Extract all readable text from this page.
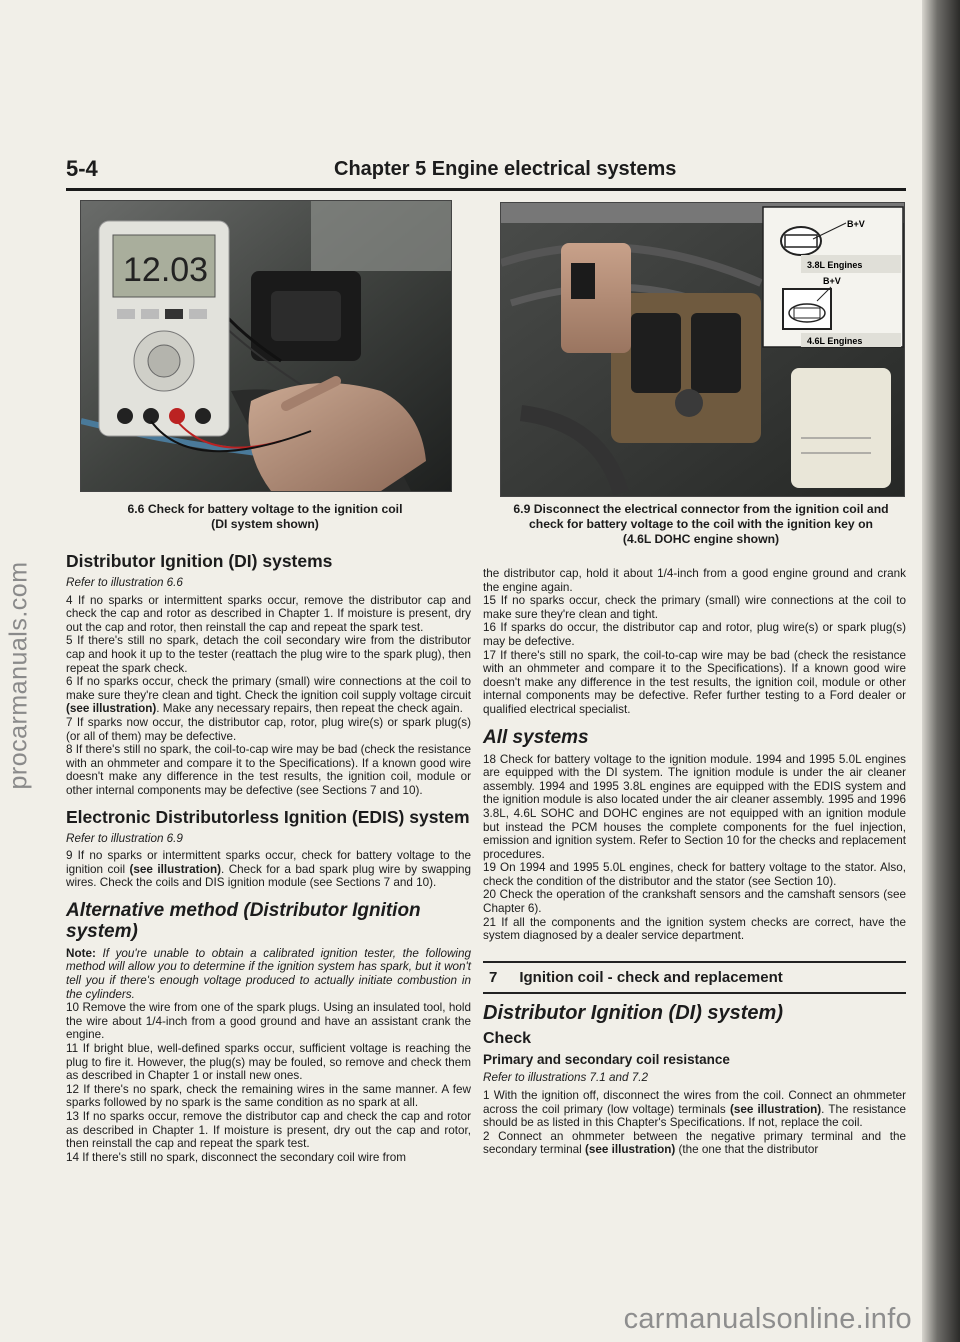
procarmanuals.com
5-4	Chapter 5 Engine electrical systems
12.03
B+V
3.8L Engines
B+V
4.6L Engines
6.6 Check for battery voltage to the ignition coil
(DI system shown)
6.9 Disconnect the electrical connector from the ignition coil and
check for battery voltage to the coil with the ignition key on
(4.6L DOHC engine shown)
Distributor Ignition (DI) systems
Refer to illustration 6.6

4 If no sparks or intermittent sparks occur, remove the distributor cap and check the cap and rotor as described in Chapter 1. If moisture is present, dry out the cap and rotor, then reinstall the cap and repeat the spark test.

5 If there's still no spark, detach the coil secondary wire from the distributor cap and hook it up to the tester (reattach the plug wire to the spark plug), then repeat the spark check.

6 If no sparks occur, check the primary (small) wire connections at the coil to make sure they're clean and tight. Check the ignition coil supply voltage circuit (see illustration). Make any necessary repairs, then repeat the check again.

7 If sparks now occur, the distributor cap, rotor, plug wire(s) or spark plug(s) (or all of them) may be defective.

8 If there's still no spark, the coil-to-cap wire may be bad (check the resistance with an ohmmeter and compare it to the Specifications). If a known good wire doesn't make any difference in the test results, the ignition coil, module or other internal components may be defective (see Sections 7 and 10).

Electronic Distributorless Ignition (EDIS) system
Refer to illustration 6.9

9 If no sparks or intermittent sparks occur, check for battery voltage to the ignition coil (see illustration). Check for a bad spark plug wire by swapping wires. Check the coils and DIS ignition module (see Sections 7 and 10).

Alternative method (Distributor Ignition system)

Note: If you're unable to obtain a calibrated ignition tester, the following method will allow you to determine if the ignition system has spark, but it won't tell you if there's enough voltage produced to actually initiate combustion in the cylinders.

10 Remove the wire from one of the spark plugs. Using an insulated tool, hold the wire about 1/4-inch from a good ground and have an assistant crank the engine.

11 If bright blue, well-defined sparks occur, sufficient voltage is reaching the plug to fire it. However, the plug(s) may be fouled, so remove and check them as described in Chapter 1 or install new ones.

12 If there's no spark, check the remaining wires in the same manner. A few sparks followed by no spark is the same condition as no spark at all.

13 If no sparks occur, remove the distributor cap and check the cap and rotor as described in Chapter 1. If moisture is present, dry out the cap and rotor, then reinstall the cap and repeat the spark test.

14 If there's still no spark, disconnect the secondary coil wire from

the distributor cap, hold it about 1/4-inch from a good engine ground and crank the engine again.

15 If no sparks occur, check the primary (small) wire connections at the coil to make sure they're clean and tight.

16 If sparks do occur, the distributor cap and rotor, plug wire(s) or spark plug(s) may be defective.

17 If there's still no spark, the coil-to-cap wire may be bad (check the resistance with an ohmmeter and compare it to the Specifications). If a known good wire doesn't make any difference in the test results, the ignition coil, module or other internal components may be defective. Refer further testing to a Ford dealer or qualified electrical specialist.

All systems

18 Check for battery voltage to the ignition module. 1994 and 1995 5.0L engines are equipped with the DI system. The ignition module is under the air cleaner assembly. 1994 and 1995 3.8L engines are equipped with the EDIS system and the ignition module is also located under the air cleaner assembly. 1995 and 1996 3.8L, 4.6L SOHC and DOHC engines are not equipped with an ignition module but instead the PCM houses the complete components for the fuel injection, emission and ignition system. Refer to Section 10 for the checks and replacement procedures.

19 On 1994 and 1995 5.0L engines, check for battery voltage to the stator. Also, check the condition of the distributor and the stator (see Section 10).

20 Check the operation of the crankshaft sensors and the camshaft sensors (see Chapter 6).

21 If all the components and the ignition system checks are correct, have the system diagnosed by a dealer service department.

7 Ignition coil - check and replacement
Distributor Ignition (DI) system)
Check
Primary and secondary coil resistance
Refer to illustrations 7.1 and 7.2

1 With the ignition off, disconnect the wires from the coil. Connect an ohmmeter across the coil primary (low voltage) terminals (see illustration). The resistance should be as listed in this Chapter's Specifications. If not, replace the coil.

2 Connect an ohmmeter between the negative primary terminal and the secondary terminal (see illustration) (the one that the distributor

carmanualsonline.info
